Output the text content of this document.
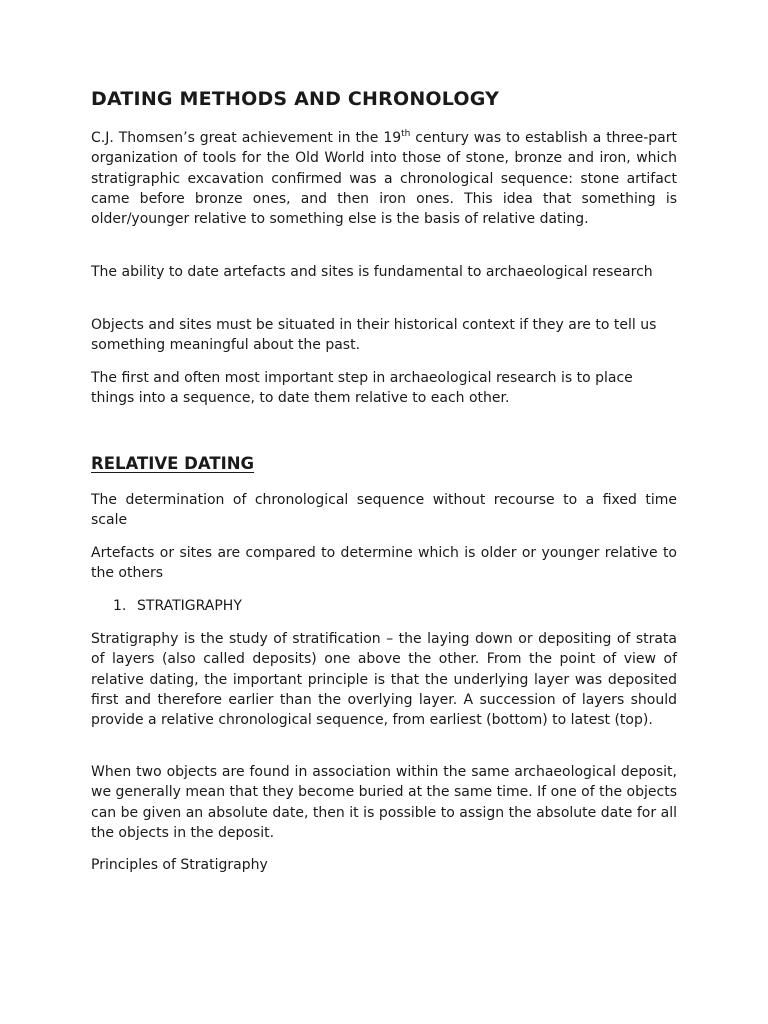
DATING METHODS AND CHRONOLOGY

C.J. Thomsen’s great achievement in the 19th century was to establish a three-part organization of tools for the Old World into those of stone, bronze and iron, which stratigraphic excavation confirmed was a chronological sequence: stone artifact came before bronze ones, and then iron ones. This idea that something is older/younger relative to something else is the basis of relative dating.

The ability to date artefacts and sites is fundamental to archaeological research

Objects and sites must be situated in their historical context if they are to tell us something meaningful about the past.

The first and often most important step in archaeological research is to place things into a sequence, to date them relative to each other.

RELATIVE DATING

The determination of chronological sequence without recourse to a fixed time scale

Artefacts or sites are compared to determine which is older or younger relative to the others

1. STRATIGRAPHY

Stratigraphy is the study of stratification – the laying down or depositing of strata of layers (also called deposits) one above the other. From the point of view of relative dating, the important principle is that the underlying layer was deposited first and therefore earlier than the overlying layer. A succession of layers should provide a relative chronological sequence, from earliest (bottom) to latest (top).

When two objects are found in association within the same archaeological deposit, we generally mean that they become buried at the same time. If one of the objects can be given an absolute date, then it is possible to assign the absolute date for all the objects in the deposit.

Principles of Stratigraphy
